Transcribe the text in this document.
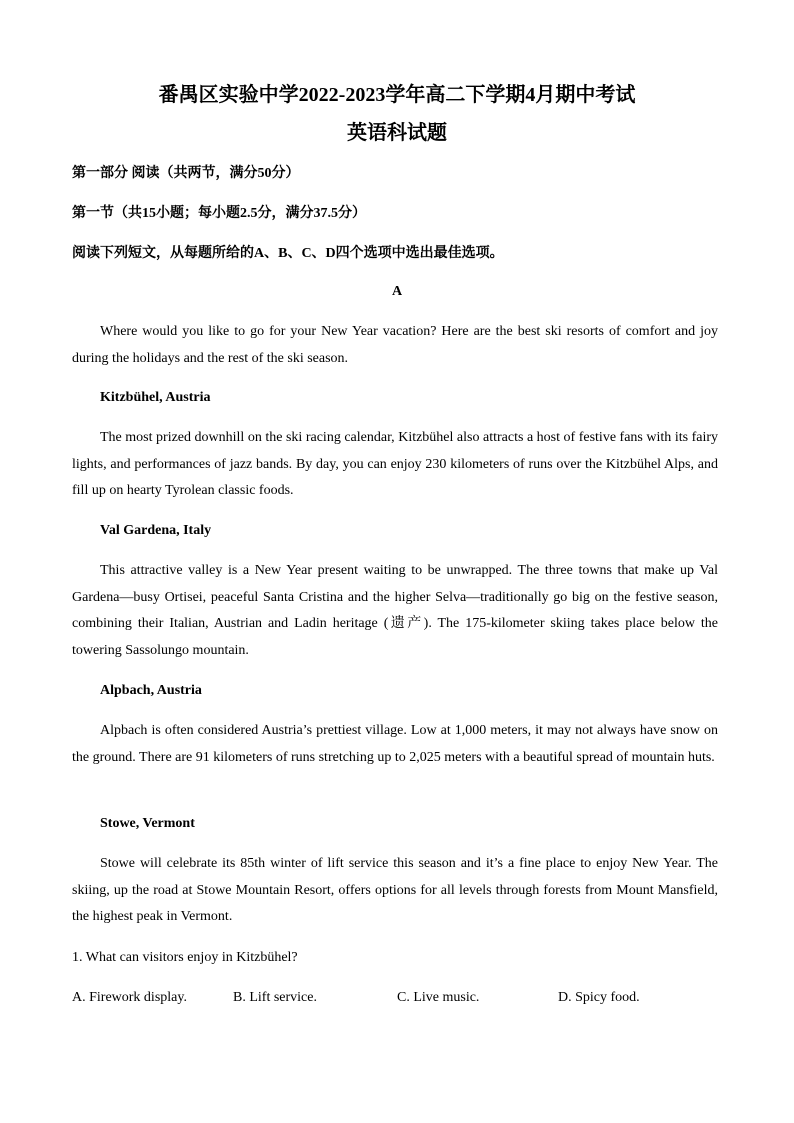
番禺区实验中学2022-2023学年高二下学期4月期中考试
英语科试题
第一部分 阅读（共两节，满分50分）
第一节（共15小题；每小题2.5分，满分37.5分）
阅读下列短文，从每题所给的A、B、C、D四个选项中选出最佳选项。
A

Where would you like to go for your New Year vacation? Here are the best ski resorts of comfort and joy during the holidays and the rest of the ski season.

Kitzbühel, Austria

The most prized downhill on the ski racing calendar, Kitzbühel also attracts a host of festive fans with its fairy lights, and performances of jazz bands. By day, you can enjoy 230 kilometers of runs over the Kitzbühel Alps, and fill up on hearty Tyrolean classic foods.

Val Gardena, Italy

This attractive valley is a New Year present waiting to be unwrapped. The three towns that make up Val Gardena—busy Ortisei, peaceful Santa Cristina and the higher Selva—traditionally go big on the festive season, combining their Italian, Austrian and Ladin heritage (遗产). The 175-kilometer skiing takes place below the towering Sassolungo mountain.

Alpbach, Austria

Alpbach is often considered Austria’s prettiest village. Low at 1,000 meters, it may not always have snow on the ground. There are 91 kilometers of runs stretching up to 2,025 meters with a beautiful spread of mountain huts.

Stowe, Vermont

Stowe will celebrate its 85th winter of lift service this season and it’s a fine place to enjoy New Year. The skiing, up the road at Stowe Mountain Resort, offers options for all levels through forests from Mount Mansfield, the highest peak in Vermont.

1. What can visitors enjoy in Kitzbühel?
A. Firework display.	B. Lift service.	C. Live music.	D. Spicy food.
